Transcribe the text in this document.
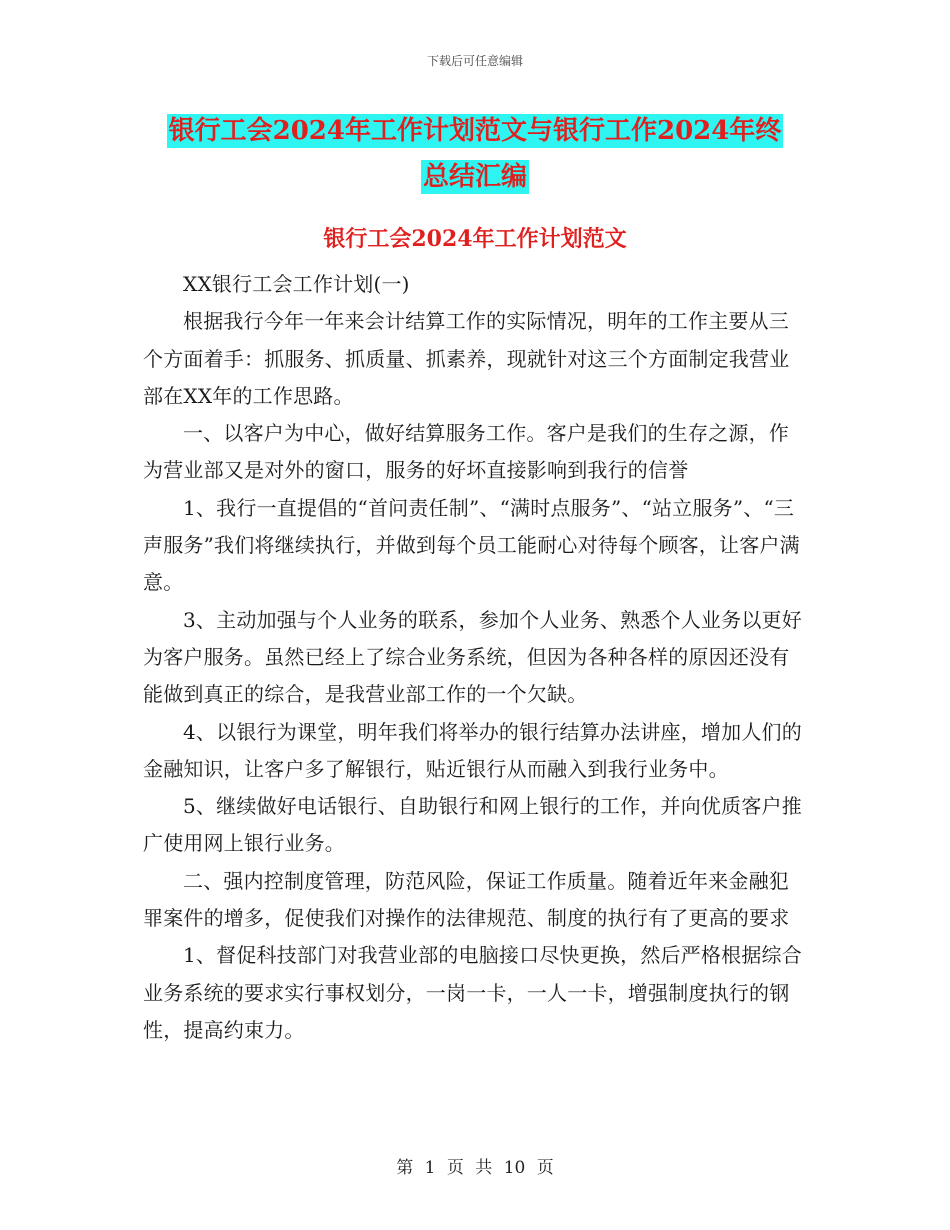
下载后可任意编辑
银行工会2024年工作计划范文与银行工作2024年终
总结汇编
银行工会2024年工作计划范文

XX银行工会工作计划(一)

根据我行今年一年来会计结算工作的实际情况，明年的工作主要从三个方面着手：抓服务、抓质量、抓素养，现就针对这三个方面制定我营业部在XX年的工作思路。

一、以客户为中心，做好结算服务工作。客户是我们的生存之源，作为营业部又是对外的窗口，服务的好坏直接影响到我行的信誉

1、我行一直提倡的“首问责任制”、“满时点服务”、“站立服务”、“三声服务”我们将继续执行，并做到每个员工能耐心对待每个顾客，让客户满意。

3、主动加强与个人业务的联系，参加个人业务、熟悉个人业务以更好为客户服务。虽然已经上了综合业务系统，但因为各种各样的原因还没有能做到真正的综合，是我营业部工作的一个欠缺。

4、以银行为课堂，明年我们将举办的银行结算办法讲座，增加人们的金融知识，让客户多了解银行，贴近银行从而融入到我行业务中。

5、继续做好电话银行、自助银行和网上银行的工作，并向优质客户推广使用网上银行业务。

二、强内控制度管理，防范风险，保证工作质量。随着近年来金融犯罪案件的增多，促使我们对操作的法律规范、制度的执行有了更高的要求

1、督促科技部门对我营业部的电脑接口尽快更换，然后严格根据综合业务系统的要求实行事权划分，一岗一卡，一人一卡，增强制度执行的钢性，提高约束力。

第 1 页 共 10 页
